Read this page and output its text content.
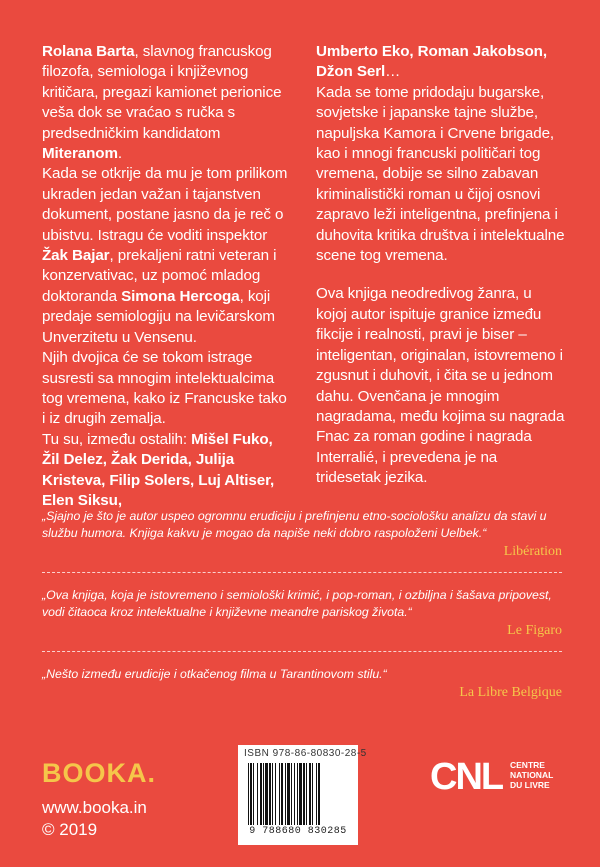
Rolana Barta, slavnog francuskog filozofa, semiologa i književnog kritičara, pregazi kamionet perionice veša dok se vraćao s ručka s predsedničkim kandidatom Miteranom.

Kada se otkrije da mu je tom prilikom ukraden jedan važan i tajanstven dokument, postane jasno da je reč o ubistvu. Istragu će voditi inspektor Žak Bajar, prekaljeni ratni veteran i konzervativac, uz pomoć mladog doktoranda Simona Hercoga, koji predaje semiologiju na levičarskom Unverzitetu u Vensenu.

Njih dvojica će se tokom istrage susresti sa mnogim intelektualcima tog vremena, kako iz Francuske tako i iz drugih zemalja.

Tu su, između ostalih: Mišel Fuko, Žil Delez, Žak Derida, Julija Kristeva, Filip Solers, Luj Altiser, Elen Siksu,

Umberto Eko, Roman Jakobson, Džon Serl…

Kada se tome pridodaju bugarske, sovjetske i japanske tajne službe, napuljska Kamora i Crvene brigade, kao i mnogi francuski političari tog vremena, dobije se silno zabavan kriminalistički roman u čijoj osnovi zapravo leži inteligentna, prefinjena i duhovita kritika društva i intelektualne scene tog vremena.

Ova knjiga neodredivog žanra, u kojoj autor ispituje granice između fikcije i realnosti, pravi je biser – inteligentan, originalan, istovremeno i zgusnut i duhovit, i čita se u jednom dahu. Ovenčana je mnogim nagradama, među kojima su nagrada Fnac za roman godine i nagrada Interralié, i prevedena je na tridesetak jezika.

„Sjajno je što je autor uspeo ogromnu erudiciju i prefinjenu etno-sociološku analizu da stavi u službu humora. Knjiga kakvu je mogao da napiše neki dobro raspoloženi Uelbek.“
Libération
„Ova knjiga, koja je istovremeno i semiološki krimić, i pop-roman, i ozbiljna i šašava pripovest, vodi čitaoca kroz intelektualne i književne meandre pariskog života.“
Le Figaro
„Nešto između erudicije i otkačenog filma u Tarantinovom stilu.“
La Libre Belgique
BOOKA.
www.booka.in
© 2019
ISBN 978-86-80830-28-5
9 788680 830285
CNL CENTRE
NATIONAL
DU LIVRE
